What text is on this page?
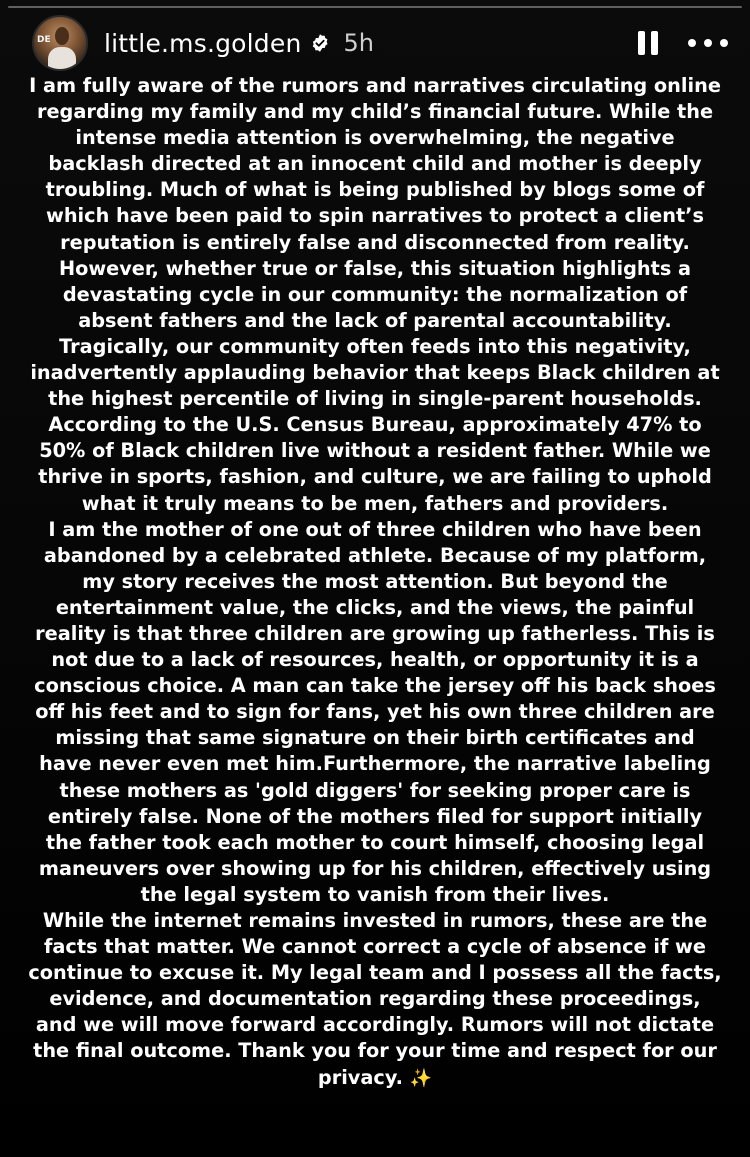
DE little.ms.golden 5h

I am fully aware of the rumors and narratives circulating online regarding my family and my child’s financial future. While the intense media attention is overwhelming, the negative backlash directed at an innocent child and mother is deeply troubling. Much of what is being published by blogs some of which have been paid to spin narratives to protect a client’s reputation is entirely false and disconnected from reality.

However, whether true or false, this situation highlights a devastating cycle in our community: the normalization of absent fathers and the lack of parental accountability. Tragically, our community often feeds into this negativity, inadvertently applauding behavior that keeps Black children at the highest percentile of living in single-parent households. According to the U.S. Census Bureau, approximately 47% to 50% of Black children live without a resident father. While we thrive in sports, fashion, and culture, we are failing to uphold what it truly means to be men, fathers and providers.

I am the mother of one out of three children who have been abandoned by a celebrated athlete. Because of my platform, my story receives the most attention. But beyond the entertainment value, the clicks, and the views, the painful reality is that three children are growing up fatherless. This is not due to a lack of resources, health, or opportunity it is a conscious choice. A man can take the jersey off his back shoes off his feet and to sign for fans, yet his own three children are missing that same signature on their birth certificates and have never even met him.Furthermore, the narrative labeling these mothers as 'gold diggers' for seeking proper care is entirely false. None of the mothers filed for support initially the father took each mother to court himself, choosing legal maneuvers over showing up for his children, effectively using the legal system to vanish from their lives.

While the internet remains invested in rumors, these are the facts that matter. We cannot correct a cycle of absence if we continue to excuse it. My legal team and I possess all the facts, evidence, and documentation regarding these proceedings, and we will move forward accordingly. Rumors will not dictate the final outcome. Thank you for your time and respect for our privacy. ✨
